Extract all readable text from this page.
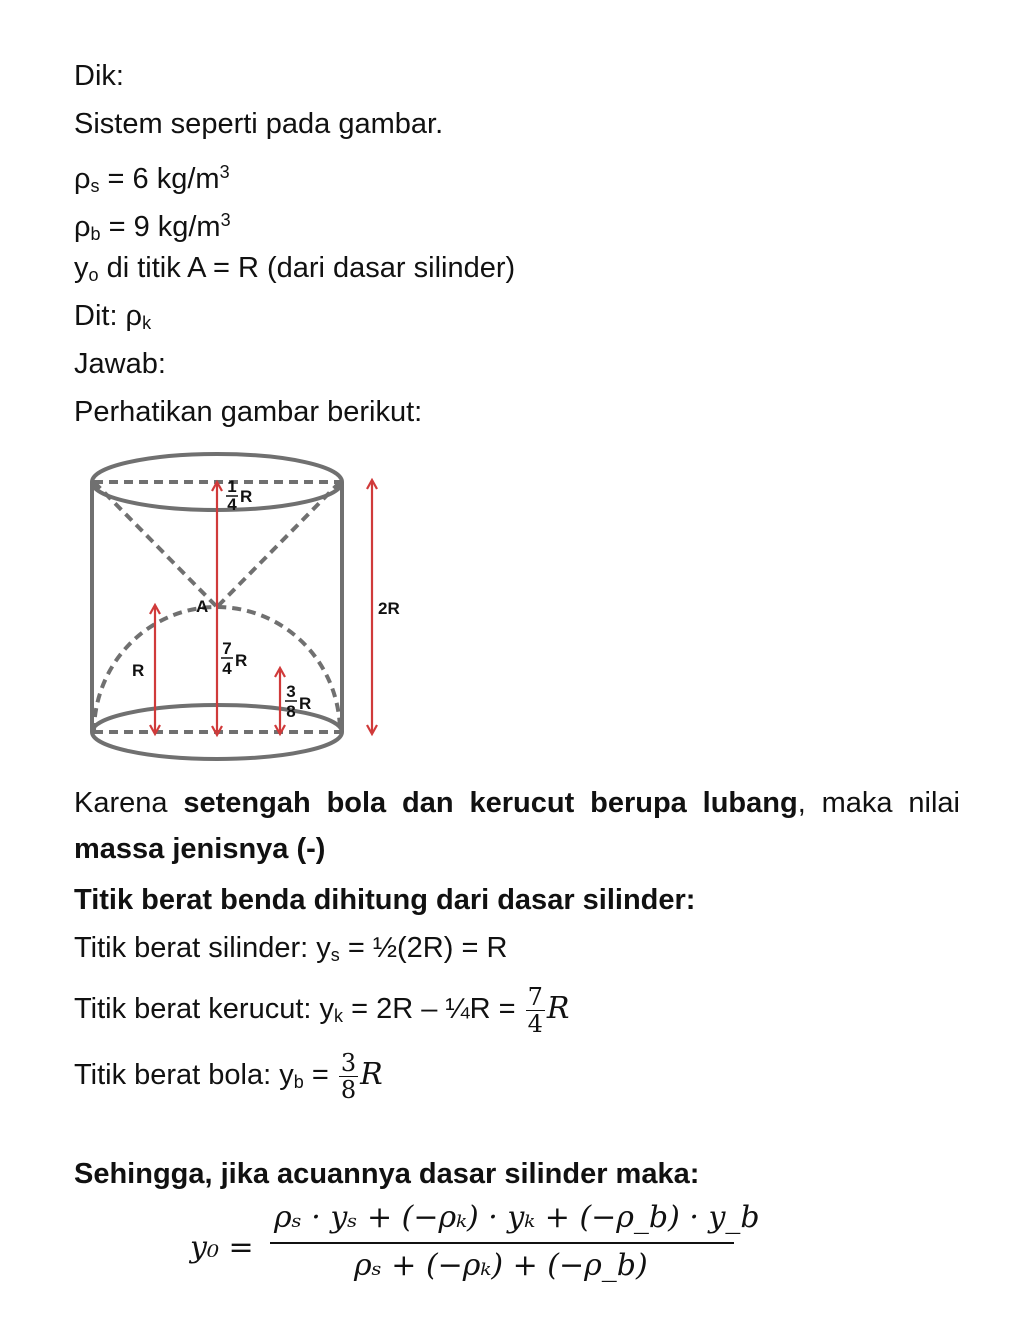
Dik:
Sistem seperti pada gambar.
$\rho_s = 6$ $kg/m^3$
$\rho_b = 9$ $kg/m^3$
$y_o$ di titik A = R (dari dasar silinder)
Dit: $\rho_k$
Jawab:
Perhatikan gambar berikut:
1
4 R
A	2R
R
7
4 R
3
8 R
Karena setengah bola dan kerucut berupa lubang, maka nilai massa jenisnya (-)
Titik berat benda dihitung dari dasar silinder:
Titik berat silinder: $y_s$ = ½(2R) = R
Titik berat kerucut: $y_k = 2R$ – ¼R = $\frac{7}{4}$ R
Titik berat bola: $y_b = \frac{3}{8}$ R
Sehingga, jika acuannya dasar silinder maka:
y₀ =
ρₛ · yₛ + (−ρₖ) · yₖ + (−ρ_b) · y_b
ρₛ + (−ρₖ) + (−ρ_b)
